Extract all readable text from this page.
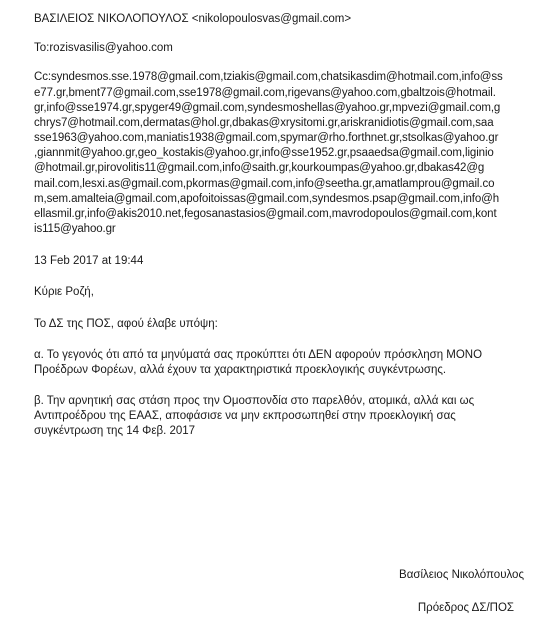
ΒΑΣΙΛΕΙΟΣ ΝΙΚΟΛΟΠΟΥΛΟΣ <nikolopoulosvas@gmail.com>

To:rozisvasilis@yahoo.com

Cc:syndesmos.sse.1978@gmail.com,tziakis@gmail.com,chatsikasdim@hotmail.com,info@ss

e77.gr,bment77@gmail.com,sse1978@gmail.com,rigevans@yahoo.com,gbaltzois@hotmail.

gr,info@sse1974.gr,spyger49@gmail.com,syndesmoshellas@yahoo.gr,mpvezi@gmail.com,g

chrys7@hotmail.com,dermatas@hol.gr,dbakas@xrysitomi.gr,ariskranidiotis@gmail.com,saa

sse1963@yahoo.com,maniatis1938@gmail.com,spymar@rho.forthnet.gr,stsolkas@yahoo.gr

,giannmit@yahoo.gr,geo_kostakis@yahoo.gr,info@sse1952.gr,psaaedsa@gmail.com,liginio

@hotmail.gr,pirovolitis11@gmail.com,info@saith.gr,kourkoumpas@yahoo.gr,dbakas42@g

mail.com,lesxi.as@gmail.com,pkormas@gmail.com,info@seetha.gr,amatlamprou@gmail.co

m,sem.amalteia@gmail.com,apofoitoissas@gmail.com,syndesmos.psap@gmail.com,info@h

ellasmil.gr,info@akis2010.net,fegosanastasios@gmail.com,mavrodopoulos@gmail.com,kont

is115@yahoo.gr

13 Feb 2017 at 19:44

Κύριε Ροζή,

Το ΔΣ της ΠΟΣ, αφού έλαβε υπόψη:

α. Το γεγονός ότι από τα μηνύματά σας προκύπτει ότι ΔΕΝ αφορούν πρόσκληση ΜΟΝΟ

Προέδρων Φορέων, αλλά έχουν τα χαρακτηριστικά προεκλογικής συγκέντρωσης.

β. Την αρνητική σας στάση προς την Ομοσπονδία στο παρελθόν, ατομικά, αλλά και ως

Αντιπροέδρου της ΕΑΑΣ, αποφάσισε να μην εκπροσωπηθεί στην προεκλογική σας

συγκέντρωση της 14 Φεβ. 2017

Βασίλειος Νικολόπουλος

Πρόεδρος ΔΣ/ΠΟΣ
